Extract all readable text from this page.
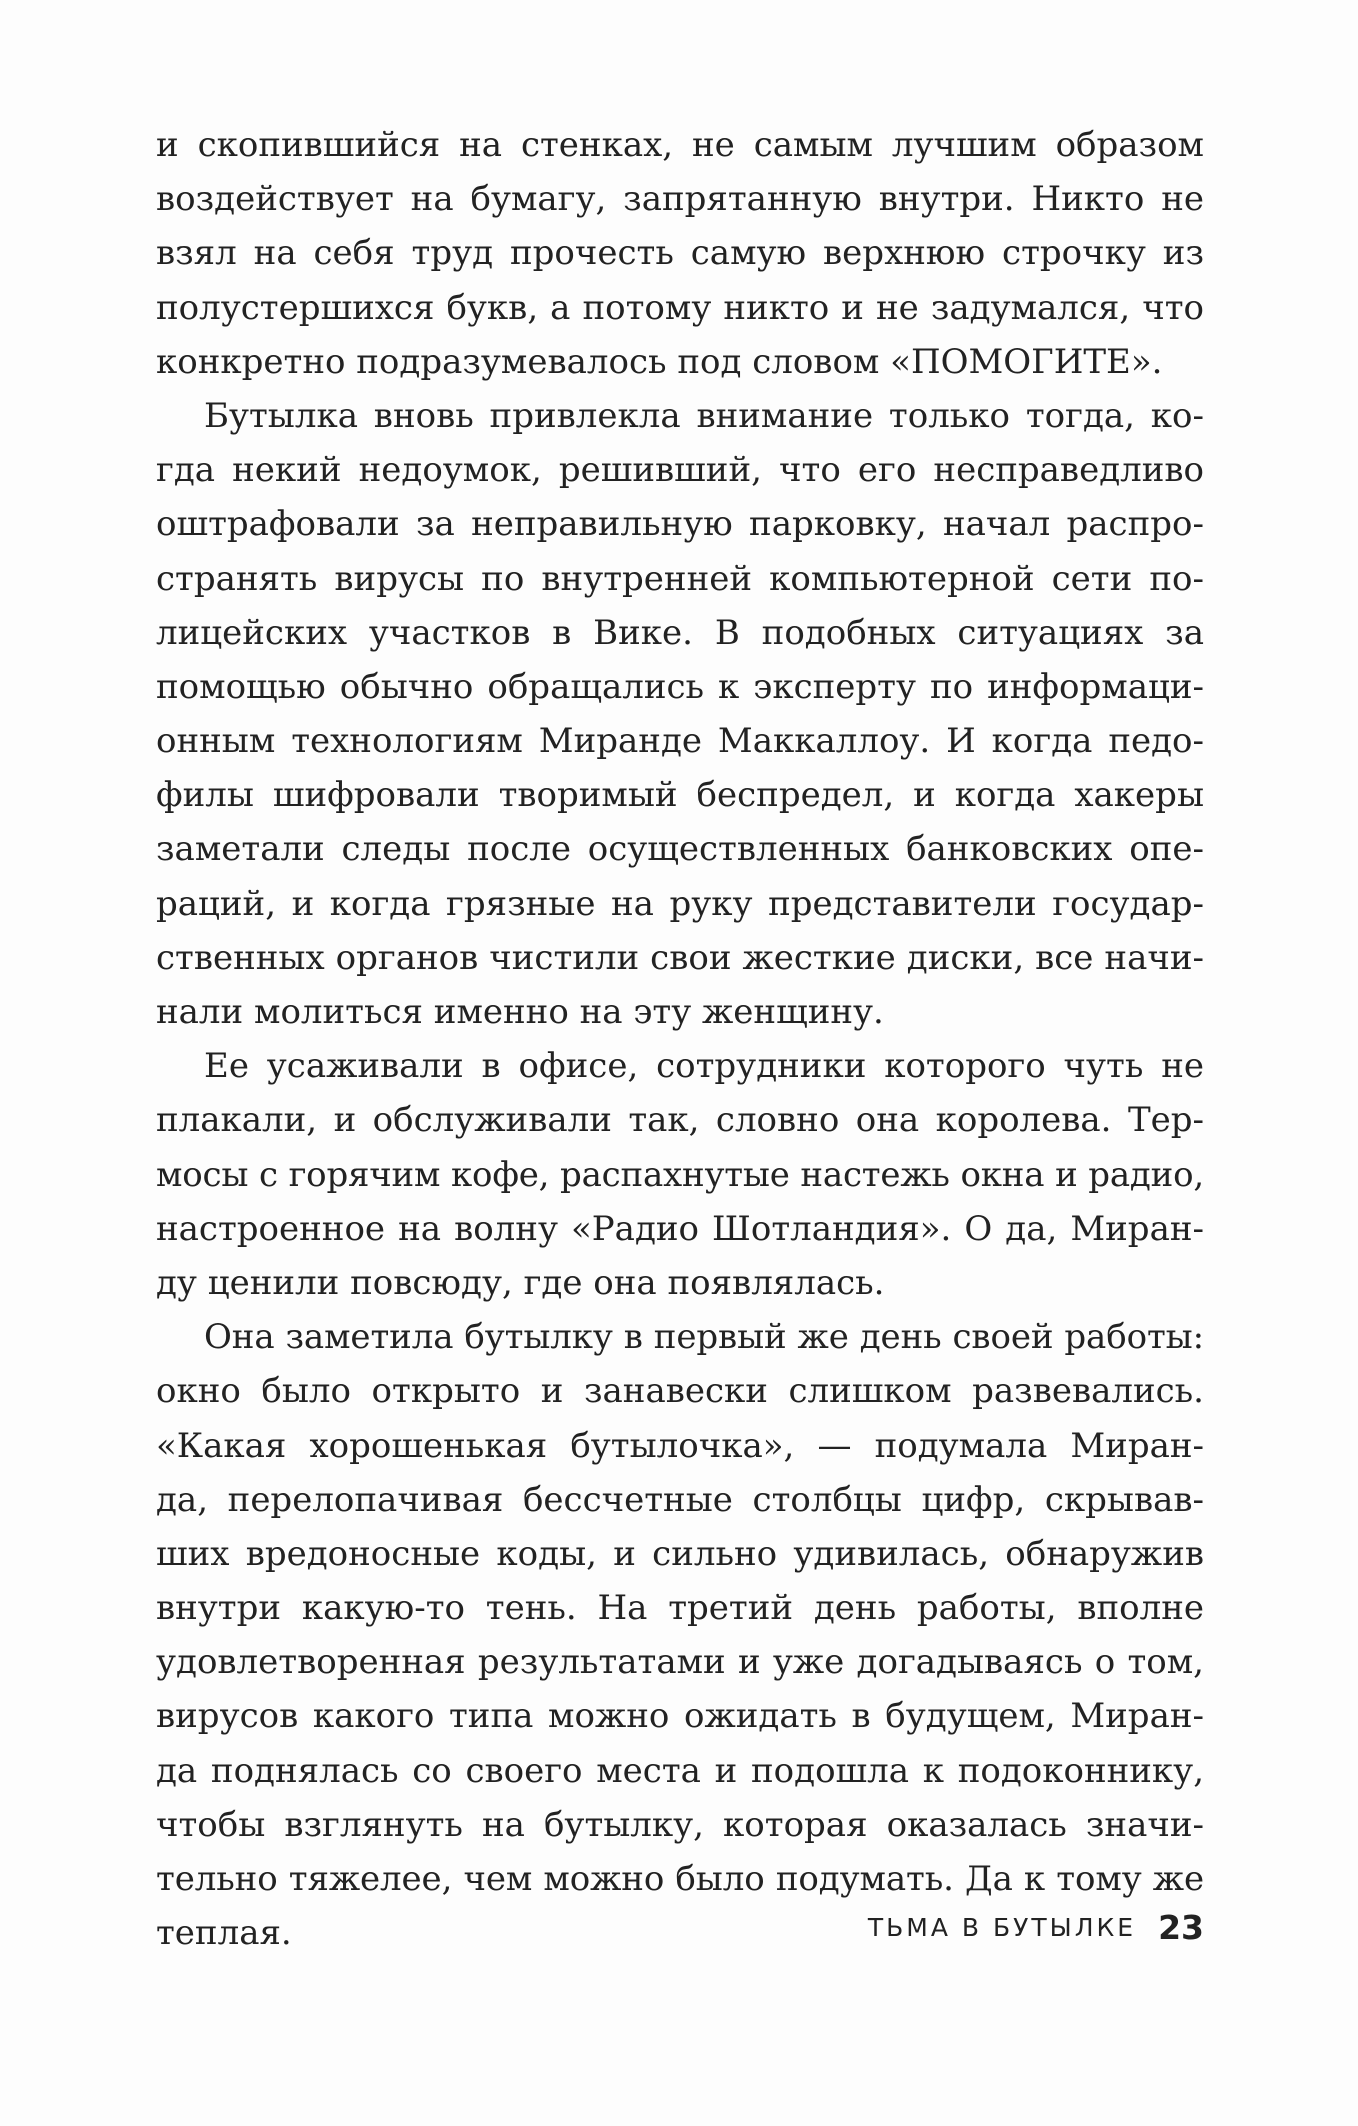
и скопившийся на стенках, не самым лучшим образом
воздействует на бумагу, запрятанную внутри. Никто не
взял на себя труд прочесть самую верхнюю строчку из
полустершихся букв, а потому никто и не задумался, что
конкретно подразумевалось под словом «ПОМОГИТЕ».
Бутылка вновь привлекла внимание только тогда, ко-
гда некий недоумок, решивший, что его несправедливо
оштрафовали за неправильную парковку, начал распро-
странять вирусы по внутренней компьютерной сети по-
лицейских участков в Вике. В подобных ситуациях за
помощью обычно обращались к эксперту по информаци-
онным технологиям Миранде Маккаллоу. И когда педо-
филы шифровали творимый беспредел, и когда хакеры
заметали следы после осуществленных банковских опе-
раций, и когда грязные на руку представители государ-
ственных органов чистили свои жесткие диски, все начи-
нали молиться именно на эту женщину.
Ее усаживали в офисе, сотрудники которого чуть не
плакали, и обслуживали так, словно она королева. Тер-
мосы с горячим кофе, распахнутые настежь окна и радио,
настроенное на волну «Радио Шотландия». О да, Миран-
ду ценили повсюду, где она появлялась.
Она заметила бутылку в первый же день своей работы:
окно было открыто и занавески слишком развевались.
«Какая хорошенькая бутылочка», — подумала Миран-
да, перелопачивая бессчетные столбцы цифр, скрывав-
ших вредоносные коды, и сильно удивилась, обнаружив
внутри какую-то тень. На третий день работы, вполне
удовлетворенная результатами и уже догадываясь о том,
вирусов какого типа можно ожидать в будущем, Миран-
да поднялась со своего места и подошла к подоконнику,
чтобы взглянуть на бутылку, которая оказалась значи-
тельно тяжелее, чем можно было подумать. Да к тому же
теплая.	ТЬМА В БУТЫЛКЕ 23
